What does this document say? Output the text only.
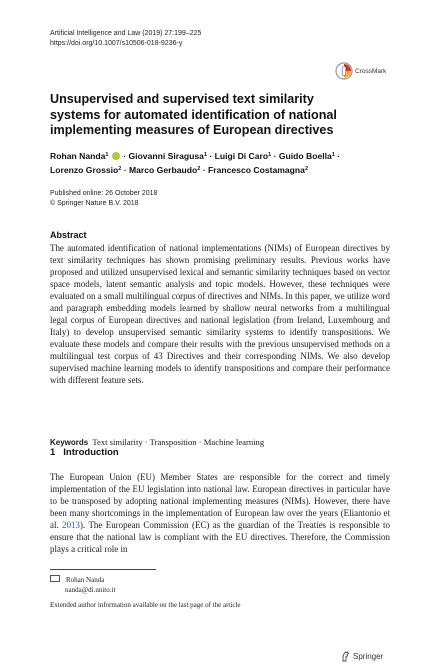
Artificial Intelligence and Law (2019) 27:199–225
https://doi.org/10.1007/s10506-018-9236-y
CrossMark
Unsupervised and supervised text similarity systems for automated identification of national implementing measures of European directives
Rohan Nanda$^1$  · Giovanni Siragusa$^1$ · Luigi Di Caro$^1$ · Guido Boella$^1$ ·
Lorenzo Grossio$^2$ · Marco Gerbaudo$^2$ · Francesco Costamagna$^2$
Published online: 26 October 2018
© Springer Nature B.V. 2018
Abstract
The automated identification of national implementations (NIMs) of European directives by text similarity techniques has shown promising preliminary results. Previous works have proposed and utilized unsupervised lexical and semantic similarity techniques based on vector space models, latent semantic analysis and topic models. However, these techniques were evaluated on a small multilingual corpus of directives and NIMs. In this paper, we utilize word and paragraph embedding models learned by shallow neural networks from a multilingual legal corpus of European directives and national legislation (from Ireland, Luxembourg and Italy) to develop unsupervised semantic similarity systems to identify transpositions. We evaluate these models and compare their results with the previous unsupervised methods on a multilingual test corpus of 43 Directives and their corresponding NIMs. We also develop supervised machine learning models to identify transpositions and compare their performance with different feature sets.
Keywords Text similarity · Transposition · Machine learning
1 Introduction
The European Union (EU) Member States are responsible for the correct and timely implementation of the EU legislation into national law. European directives in particular have to be transposed by adopting national implementing measures (NIMs). However, there have been many shortcomings in the implementation of European law over the years (Eliantonio et al. 2013). The European Commission (EC) as the guardian of the Treaties is responsible to ensure that the national law is compliant with the EU directives. Therefore, the Commission plays a critical role in
Rohan Nanda
nanda@di.unito.it
Extended author information available on the last page of the article
Springer
